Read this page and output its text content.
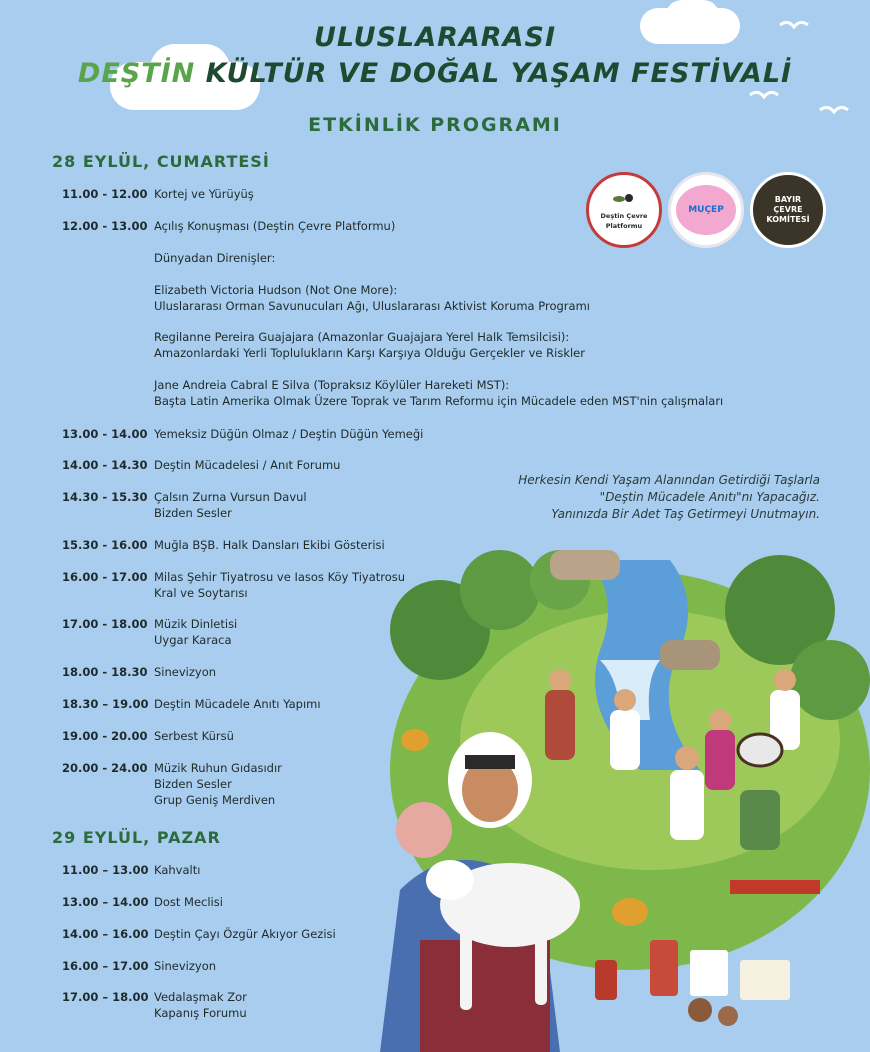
ULUSLARARASI
DEŞTİN KÜLTÜR VE DOĞAL YAŞAM FESTİVALİ
ETKİNLİK PROGRAMI
Deştin Çevre Platformu
MUÇEP
BAYIR ÇEVRE KOMİTESİ
28 EYLÜL, CUMARTESİ
11.00 - 12.00 Kortej ve Yürüyüş
12.00 - 13.00 Açılış Konuşması (Deştin Çevre Platformu)
Dünyadan Direnişler:
Elizabeth Victoria Hudson (Not One More):
Uluslararası Orman Savunucuları Ağı, Uluslararası Aktivist Koruma Programı
Regilanne Pereira Guajajara (Amazonlar Guajajara Yerel Halk Temsilcisi):
Amazonlardaki Yerli Toplulukların Karşı Karşıya Olduğu Gerçekler ve Riskler
Jane Andreia Cabral E Silva (Topraksız Köylüler Hareketi MST):
Başta Latin Amerika Olmak Üzere Toprak ve Tarım Reformu için Mücadele eden MST'nin çalışmaları
13.00 - 14.00 Yemeksiz Düğün Olmaz / Deştin Düğün Yemeği
14.00 - 14.30 Deştin Mücadelesi / Anıt Forumu
14.30 - 15.30 Çalsın Zurna Vursun Davul
Bizden Sesler
15.30 - 16.00 Muğla BŞB. Halk Dansları Ekibi Gösterisi
16.00 - 17.00 Milas Şehir Tiyatrosu ve Iasos Köy Tiyatrosu
Kral ve Soytarısı
17.00 - 18.00 Müzik Dinletisi
Uygar Karaca
18.00 - 18.30 Sinevizyon
18.30 – 19.00 Deştin Mücadele Anıtı Yapımı
19.00 - 20.00 Serbest Kürsü
20.00 - 24.00 Müzik Ruhun Gıdasıdır
Bizden Sesler
Grup Geniş Merdiven
29 EYLÜL, PAZAR
11.00 – 13.00 Kahvaltı
13.00 – 14.00 Dost Meclisi
14.00 – 16.00 Deştin Çayı Özgür Akıyor Gezisi
16.00 – 17.00 Sinevizyon
17.00 – 18.00 Vedalaşmak Zor
Kapanış Forumu
Herkesin Kendi Yaşam Alanından Getirdiği Taşlarla
"Deştin Mücadele Anıtı"nı Yapacağız.
Yanınızda Bir Adet Taş Getirmeyi Unutmayın.
